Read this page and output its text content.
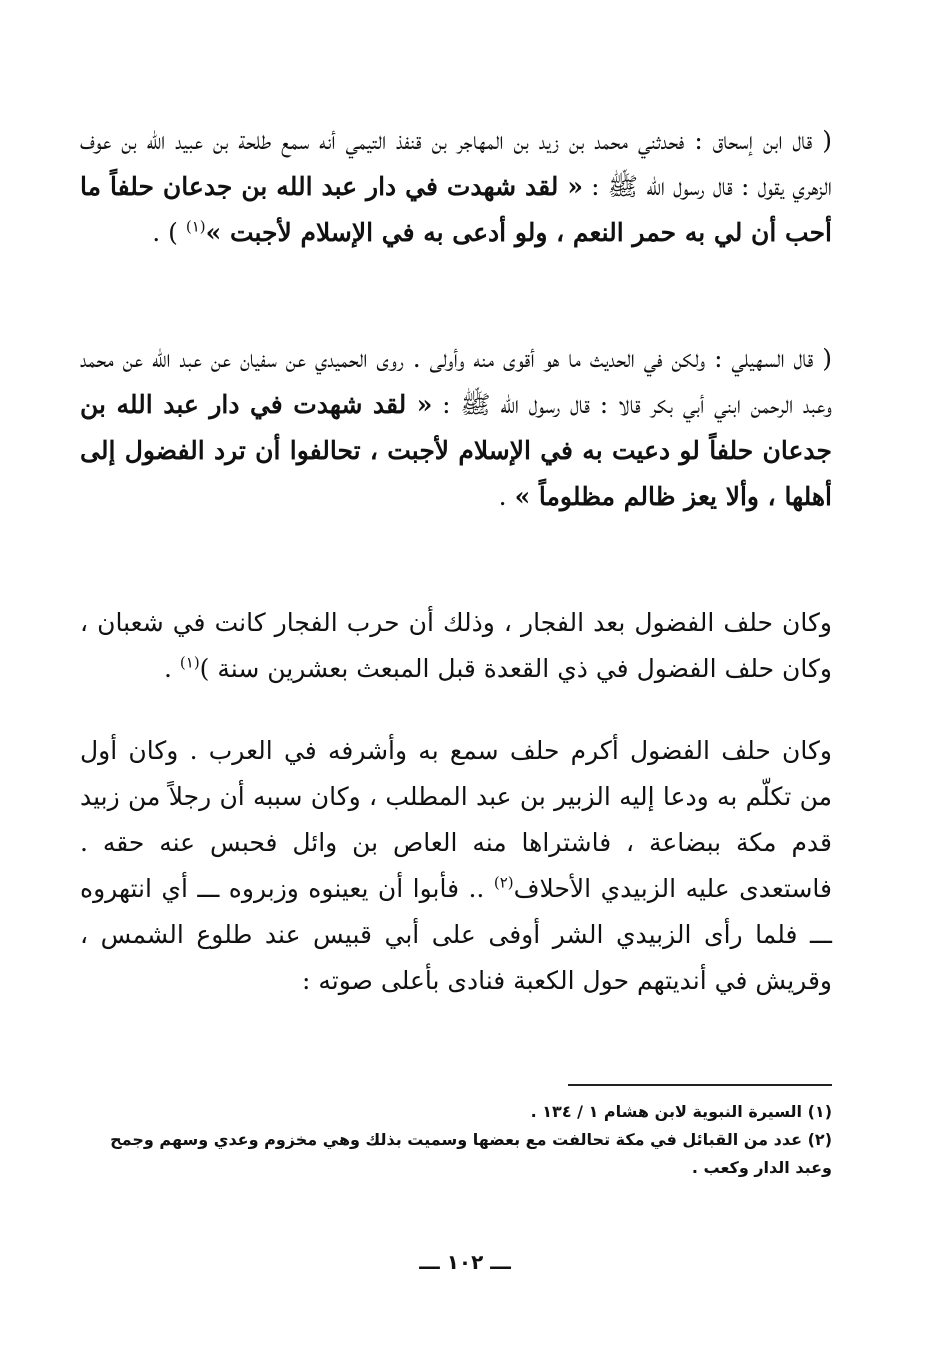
( قال ابن إسحاق : فحدثني محمد بن زيد بن المهاجر بن قنفذ التيمي أنه سمع طلحة بن عبيد الله بن عوف الزهري يقول : قال رسول الله ﷺ : « لقد شهدت في دار عبد الله بن جدعان حلفاً ما أحب أن لي به حمر النعم ، ولو أدعى به في الإسلام لأجبت »$^{(١)}$ ) .
( قال السهيلي : ولكن في الحديث ما هو أقوى منه وأولى . روى الحميدي عن سفيان عن عبد الله عن محمد وعبد الرحمن ابني أبي بكر قالا : قال رسول الله ﷺ : « لقد شهدت في دار عبد الله بن جدعان حلفاً لو دعيت به في الإسلام لأجبت ، تحالفوا أن ترد الفضول إلى أهلها ، وألا يعز ظالم مظلوماً » .
وكان حلف الفضول بعد الفجار ، وذلك أن حرب الفجار كانت في شعبان ، وكان حلف الفضول في ذي القعدة قبل المبعث بعشرين سنة )$^{(١)}$ .
وكان حلف الفضول أكرم حلف سمع به وأشرفه في العرب . وكان أول من تكلّم به ودعا إليه الزبير بن عبد المطلب ، وكان سببه أن رجلاً من زبيد قدم مكة ببضاعة ، فاشتراها منه العاص بن وائل فحبس عنه حقه . فاستعدى عليه الزبيدي الأحلاف$^{(٢)}$ .. فأبوا أن يعينوه وزبروه ـــ أي انتهروه ـــ فلما رأى الزبيدي الشر أوفى على أبي قبيس عند طلوع الشمس ، وقريش في أنديتهم حول الكعبة فنادى بأعلى صوته :
(١) السيرة النبوية لابن هشام ١ / ١٣٤ .
(٢) عدد من القبائل في مكة تحالفت مع بعضها وسميت بذلك وهي مخزوم وعدي وسهم وجمح وعبد الدار وكعب .
ـــ ١٠٢ ـــ
